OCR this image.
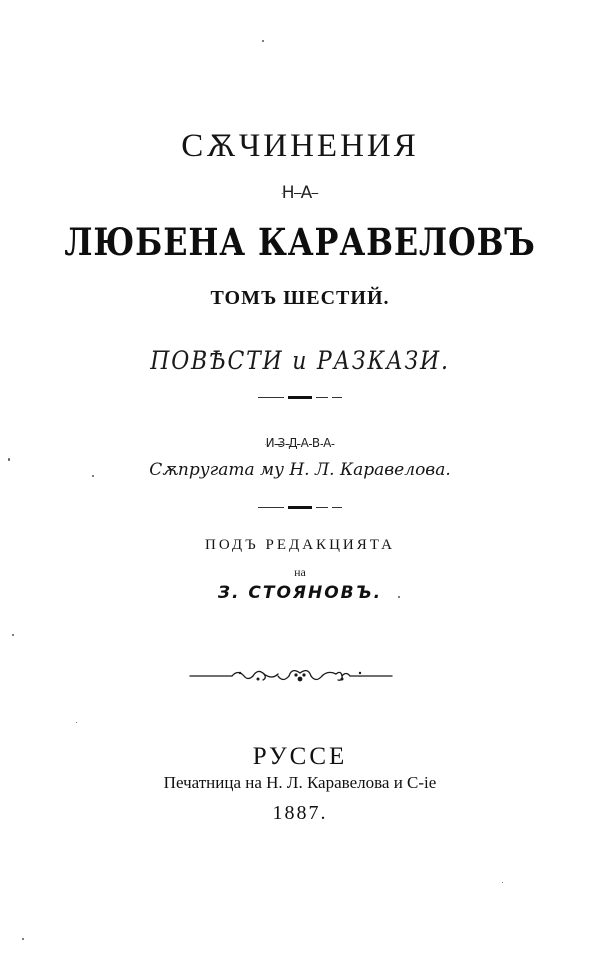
СѪЧИНЕНИЯ
НА
ЛЮБЕНА КАРАВЕЛОВЪ
ТОМЪ ШЕСТИЙ.
ПОВѢСТИ и РАЗКАЗИ.
ИЗДАВА
Сѫпругата му Н. Л. Каравелова.
ПОДЪ РЕДАКЦИЯТА
на
З. СТОЯНОВЪ.
РУССЕ
Печатница на Н. Л. Каравелова и С-ie
1887.
